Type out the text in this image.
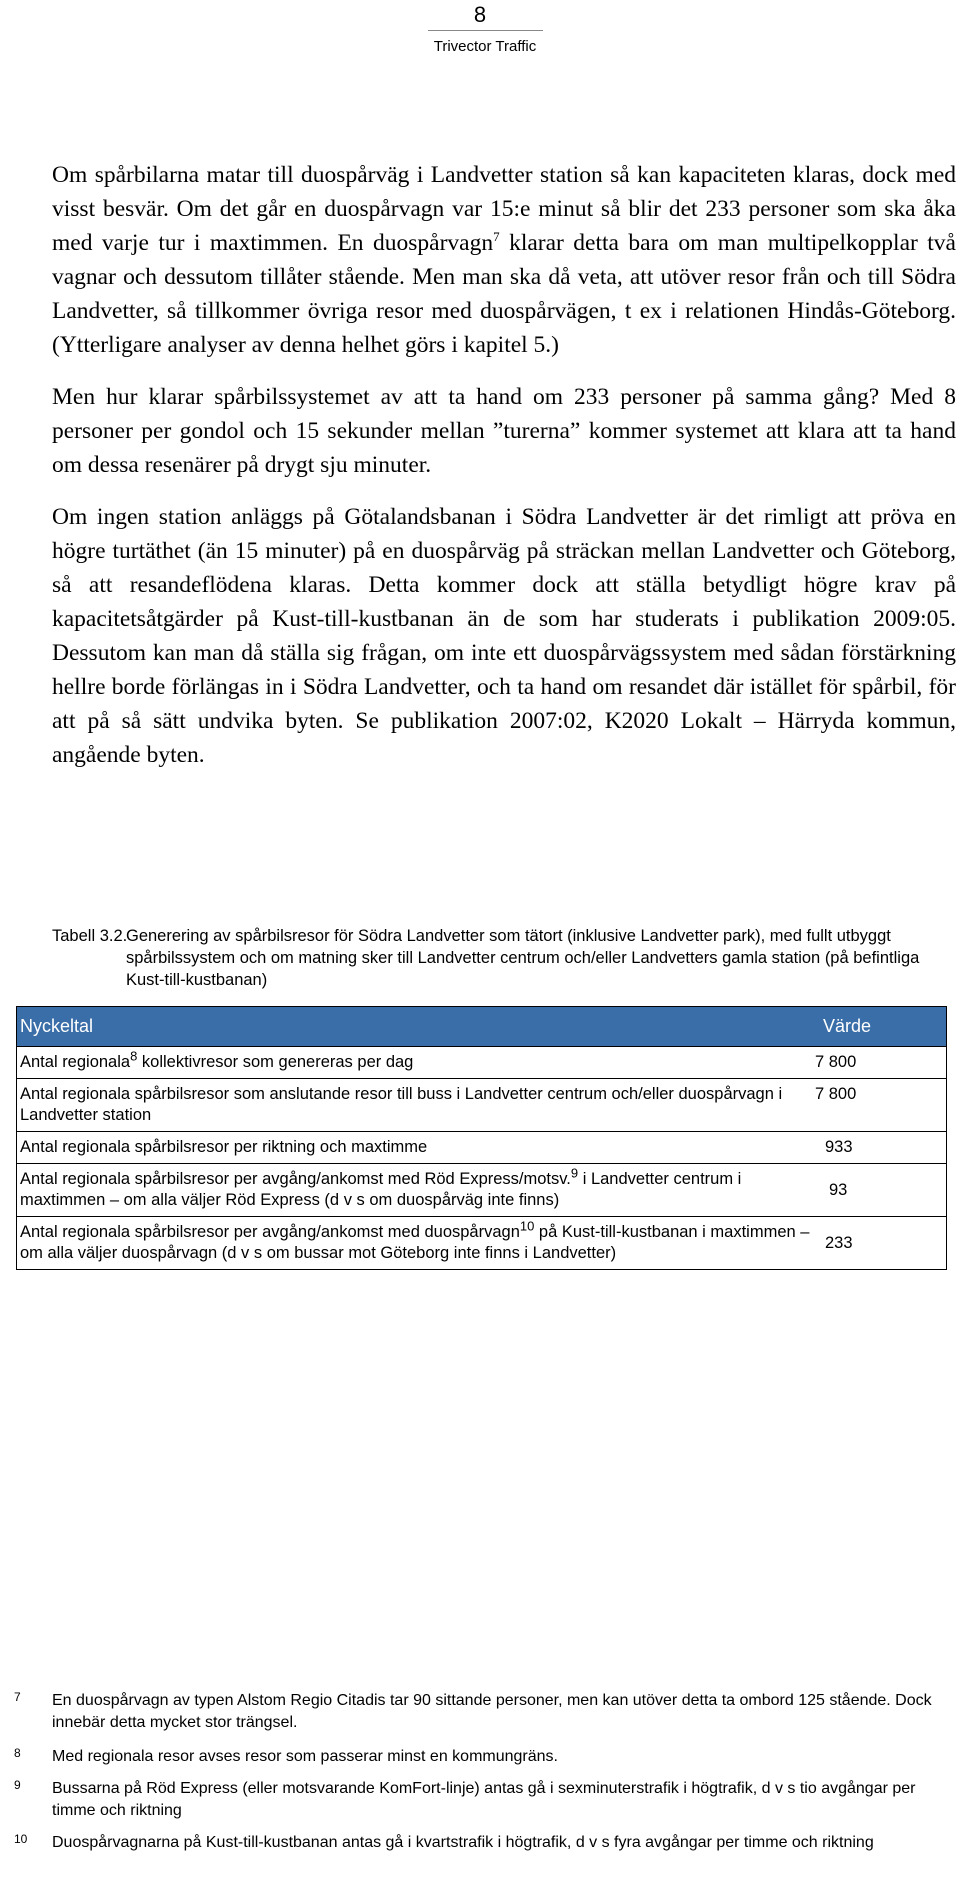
8
Trivector Traffic

Om spårbilarna matar till duospårväg i Landvetter station så kan kapaciteten klaras, dock med visst besvär. Om det går en duospårvagn var 15:e minut så blir det 233 personer som ska åka med varje tur i maxtimmen. En duospårvagn$^7$ klarar detta bara om man multipelkopplar två vagnar och dessutom tillåter stående. Men man ska då veta, att utöver resor från och till Södra Landvetter, så tillkommer övriga resor med duospårvägen, t ex i relationen Hindås-Göteborg. (Ytterligare analyser av denna helhet görs i kapitel 5.)

Men hur klarar spårbilssystemet av att ta hand om 233 personer på samma gång? Med 8 personer per gondol och 15 sekunder mellan ”turerna” kommer systemet att klara att ta hand om dessa resenärer på drygt sju minuter.

Om ingen station anläggs på Götalandsbanan i Södra Landvetter är det rimligt att pröva en högre turtäthet (än 15 minuter) på en duospårväg på sträckan mellan Landvetter och Göteborg, så att resandeflödena klaras. Detta kommer dock att ställa betydligt högre krav på kapacitetsåtgärder på Kust-till-kustbanan än de som har studerats i publikation 2009:05. Dessutom kan man då ställa sig frågan, om inte ett duospårvägssystem med sådan förstärkning hellre borde förlängas in i Södra Landvetter, och ta hand om resandet där istället för spårbil, för att på så sätt undvika byten. Se publikation 2007:02, K2020 Lokalt – Härryda kommun, angående byten.

Tabell 3.2.
Generering av spårbilsresor för Södra Landvetter som tätort (inklusive Landvetter park), med fullt utbyggt spårbilssystem och om matning sker till Landvetter centrum och/eller Landvetters gamla station (på befintliga Kust-till-kustbanan)
Nyckeltal	Värde
Antal regionala$^8$ kollektivresor som genereras per dag	7 800
Antal regionala spårbilsresor som anslutande resor till buss i Landvetter centrum och/eller duospårvagn i Landvetter station	7 800
Antal regionala spårbilsresor per riktning och maxtimme	933
Antal regionala spårbilsresor per avgång/ankomst med Röd Express/motsv.$^9$ i Landvetter centrum i maxtimmen – om alla väljer Röd Express (d v s om duospårväg inte finns)	93
Antal regionala spårbilsresor per avgång/ankomst med duospårvagn$^{10}$ på Kust-till-kustbanan i maxtimmen – om alla väljer duospårvagn (d v s om bussar mot Göteborg inte finns i Landvetter)	233
7 En duospårvagn av typen Alstom Regio Citadis tar 90 sittande personer, men kan utöver detta ta ombord 125 stående. Dock innebär detta mycket stor trängsel.
8 Med regionala resor avses resor som passerar minst en kommungräns.
9 Bussarna på Röd Express (eller motsvarande KomFort-linje) antas gå i sexminuterstrafik i högtrafik, d v s tio avgångar per timme och riktning
10 Duospårvagnarna på Kust-till-kustbanan antas gå i kvartstrafik i högtrafik, d v s fyra avgångar per timme och riktning
